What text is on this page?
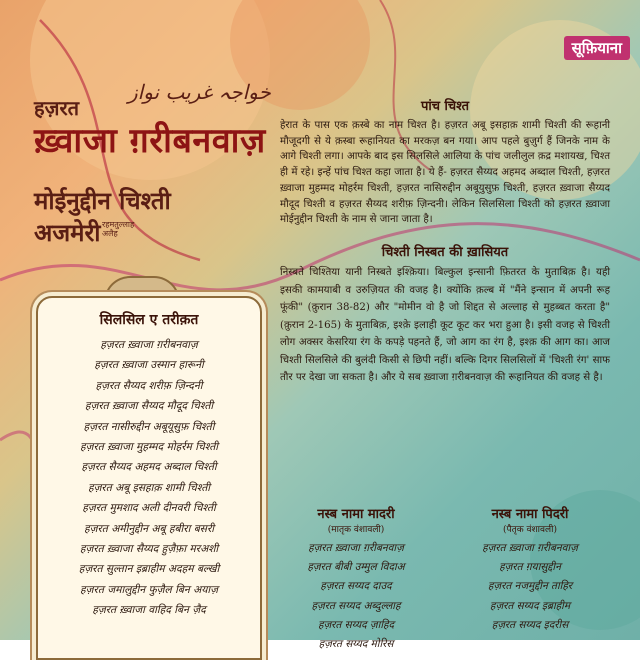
सूफ़ियाना
خواجہ غریب نواز
हज़रत
ख़्वाजा ग़रीबनवाज़
मोईनुद्दीन चिश्ती
अजमेरी रहमतुल्लाह अलैह
पांच चिश्त

हेरात के पास एक क़स्बे का नाम चिश्त है। हज़रत अबू इसहाक़ शामी चिश्ती की रूहानी मौजूदगी से ये क़स्बा रूहानियत का मरकज़ बन गया। आप पहले बुज़ुर्ग हैं जिनके नाम के आगे चिश्ती लगा। आपके बाद इस सिलसिले आलिया के पांच जलीलुल क़द्र मशायख, चिश्त ही में रहे। इन्हें पांच चिश्त कहा जाता है। ये हैं- हज़रत सैय्यद अहमद अब्दाल चिश्ती, हज़रत ख़्वाजा मुहम्मद मोहर्रम चिश्ती, हज़रत नासिरुद्दीन अबूयुसुफ़ चिश्ती, हज़रत ख़्वाजा सैय्यद मौदूद चिश्ती व हज़रत सैय्यद शरीफ़ ज़िन्दनी। लेकिन सिलसिला चिश्ती को हज़रत ख़्वाजा मोईनुद्दीन चिश्ती के नाम से जाना जाता है।

चिश्ती निस्बत की ख़ासियत

निस्बते चिश्तिया यानी निस्बते इश्क़िया। बिल्कुल इन्सानी फ़ितरत के मुताबिक़ है। यही इसकी कामयाबी व उरुज़ियत की वजह है। क्योंकि क़ल्ब में "मैंने इन्सान में अपनी रूह फूंकी" (क़ुरान 38-82) और "मोमीन वो है जो शिद्दत से अल्लाह से मुहब्बत करता है" (क़ुरान 2-165) के मुताबिक़, इश्क़े इलाही कूट कूट कर भरा हुआ है। इसी वजह से चिश्ती लोग अक्सर केसरिया रंग के कपड़े पहनते हैं, जो आग का रंग है, इश्क़ की आग का। आज चिश्ती सिलसिले की बुलंदी किसी से छिपी नहीं। बल्कि दिगर सिलसिलों में 'चिश्ती रंग' साफ तौर पर देखा जा सकता है। और ये सब ख़्वाजा ग़रीबनवाज़ की रूहानियत की वजह से है।

सिलसिल ए तरीक़त
हज़रत ख़्वाजा ग़रीबनवाज़
हज़रत ख़्वाजा उस्मान हारूनी
हज़रत सैय्यद शरीफ़ ज़िन्दनी
हज़रत ख़्वाजा सैय्यद मौदूद चिश्ती
हज़रत नासीरुद्दीन अबूयूसुफ़ चिश्ती
हज़रत ख़्वाजा मुहम्मद मोहर्रम चिश्ती
हज़रत सैय्यद अहमद अब्दाल चिश्ती
हज़रत अबू इसहाक़ शामी चिश्ती
हज़रत मुमशाद अली दीनवरी चिश्ती
हज़रत अमीनुद्दीन अबू हबीरा बसरी
हज़रत ख़्वाजा सैय्यद हुज़ैफ़ा मरअशी
हज़रत सुल्तान इब्राहीम अदहम बल्खी
हज़रत जमालुद्दीन फुज़ैल बिन अयाज़
हज़रत ख़्वाजा वाहिद बिन ज़ैद

नस्ब नामा मादरी

(मातृक वंशावली)

हज़रत ख़्वाजा ग़रीबनवाज़
हज़रत बीबी उम्मुल विदाअ
हज़रत सय्यद दाउद
हज़रत सय्यद अब्दुल्लाह
हज़रत सय्यद ज़ाहिद
हज़रत सय्यद मोरिस

नस्ब नामा पिदरी

(पैतृक वंशावली)

हज़रत ख़्वाजा ग़रीबनवाज़
हज़रत ग़यासुद्दीन
हज़रत नजमुद्दीन ताहिर
हज़रत सय्यद इब्राहीम
हज़रत सय्यद इदरीस
